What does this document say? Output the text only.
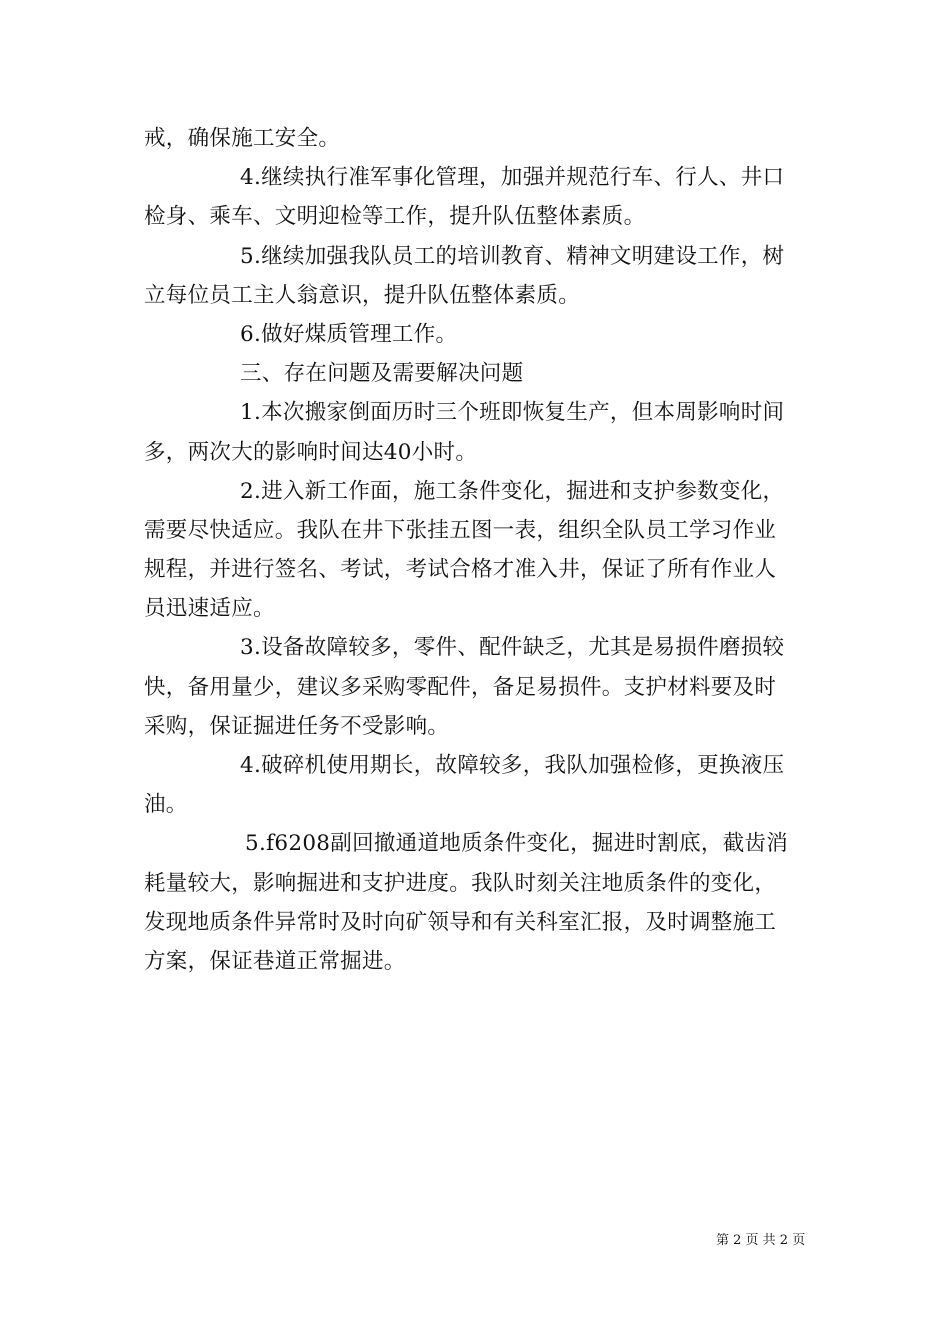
戒，确保施工安全。
4.继续执行准军事化管理，加强并规范行车、行人、井口
检身、乘车、文明迎检等工作，提升队伍整体素质。
5.继续加强我队员工的培训教育、精神文明建设工作，树
立每位员工主人翁意识，提升队伍整体素质。
6.做好煤质管理工作。
三、存在问题及需要解决问题
1.本次搬家倒面历时三个班即恢复生产，但本周影响时间
多，两次大的影响时间达40小时。
2.进入新工作面，施工条件变化，掘进和支护参数变化，
需要尽快适应。我队在井下张挂五图一表，组织全队员工学习作业
规程，并进行签名、考试，考试合格才准入井，保证了所有作业人
员迅速适应。
3.设备故障较多，零件、配件缺乏，尤其是易损件磨损较
快，备用量少，建议多采购零配件，备足易损件。支护材料要及时
采购，保证掘进任务不受影响。
4.破碎机使用期长，故障较多，我队加强检修，更换液压
油。
5.f6208副回撤通道地质条件变化，掘进时割底，截齿消
耗量较大，影响掘进和支护进度。我队时刻关注地质条件的变化，
发现地质条件异常时及时向矿领导和有关科室汇报，及时调整施工
方案，保证巷道正常掘进。
第 2 页 共 2 页
